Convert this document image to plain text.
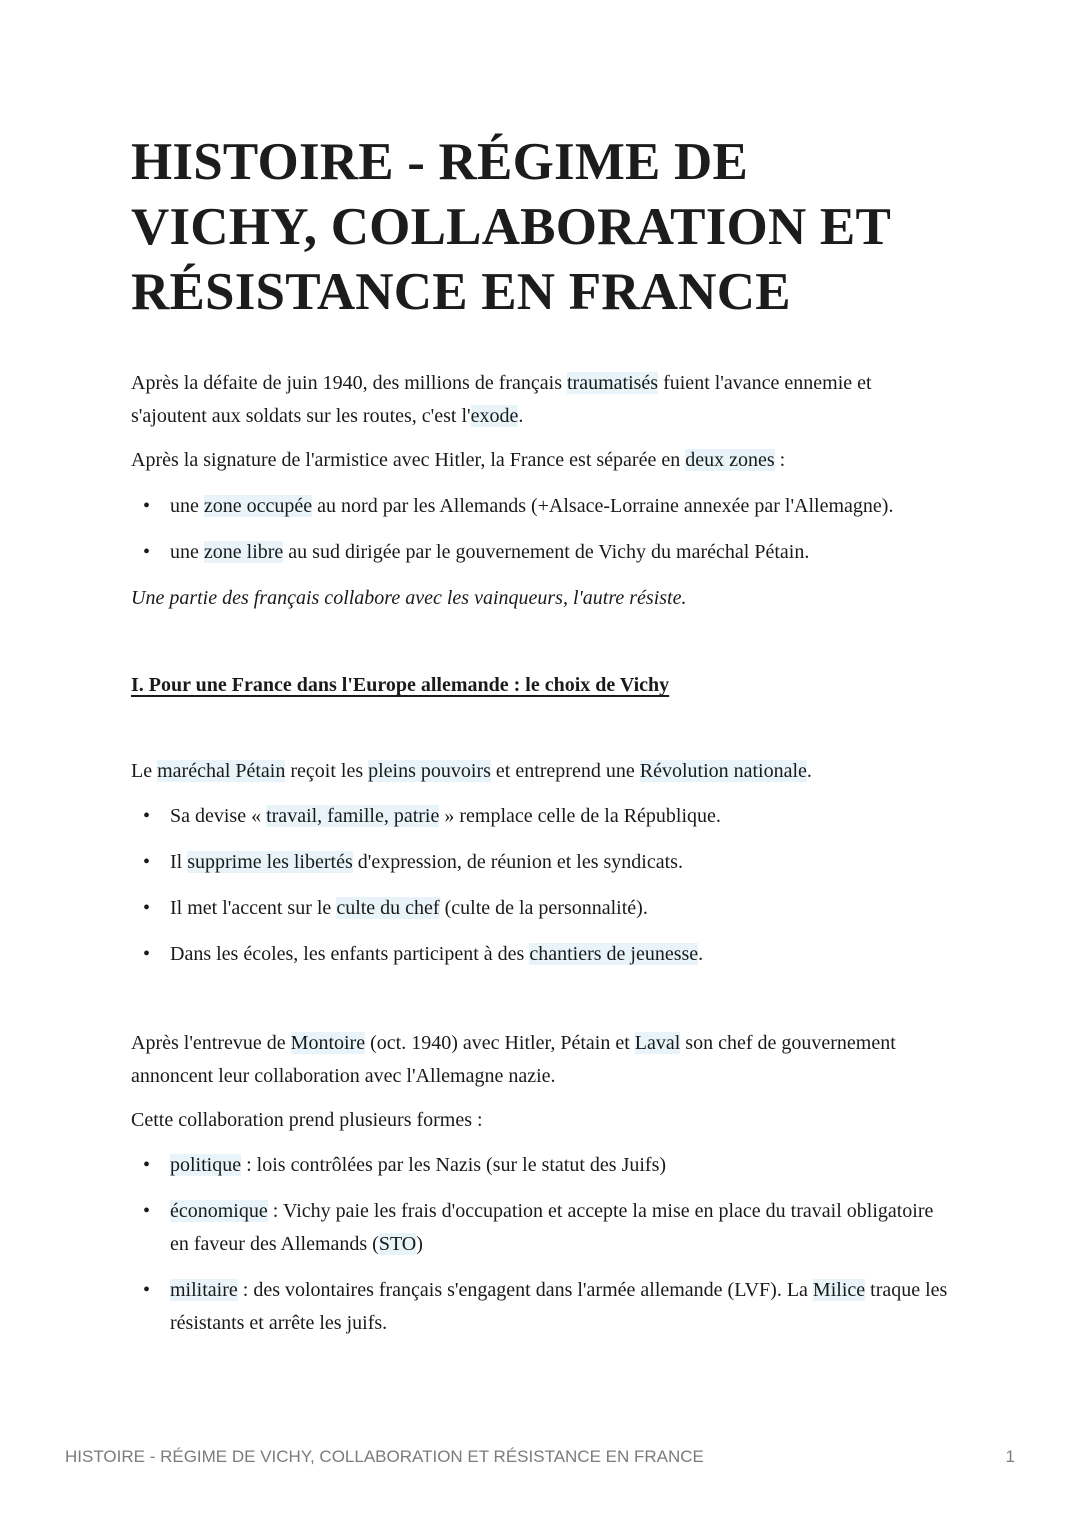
HISTOIRE - RÉGIME DE
VICHY, COLLABORATION ET
RÉSISTANCE EN FRANCE

Après la défaite de juin 1940, des millions de français traumatisés fuient l'avance ennemie et s'ajoutent aux soldats sur les routes, c'est l'exode.

Après la signature de l'armistice avec Hitler, la France est séparée en deux zones :

• une zone occupée au nord par les Allemands (+Alsace-Lorraine annexée par l'Allemagne).

• une zone libre au sud dirigée par le gouvernement de Vichy du maréchal Pétain.

Une partie des français collabore avec les vainqueurs, l'autre résiste.

I. Pour une France dans l'Europe allemande : le choix de Vichy

Le maréchal Pétain reçoit les pleins pouvoirs et entreprend une Révolution nationale.

• Sa devise « travail, famille, patrie » remplace celle de la République.

• Il supprime les libertés d'expression, de réunion et les syndicats.

• Il met l'accent sur le culte du chef (culte de la personnalité).

• Dans les écoles, les enfants participent à des chantiers de jeunesse.

Après l'entrevue de Montoire (oct. 1940) avec Hitler, Pétain et Laval son chef de gouvernement annoncent leur collaboration avec l'Allemagne nazie.

Cette collaboration prend plusieurs formes :

• politique : lois contrôlées par les Nazis (sur le statut des Juifs)

• économique : Vichy paie les frais d'occupation et accepte la mise en place du travail obligatoire en faveur des Allemands (STO)

• militaire : des volontaires français s'engagent dans l'armée allemande (LVF). La Milice traque les résistants et arrête les juifs.

HISTOIRE - RÉGIME DE VICHY, COLLABORATION ET RÉSISTANCE EN FRANCE	1
